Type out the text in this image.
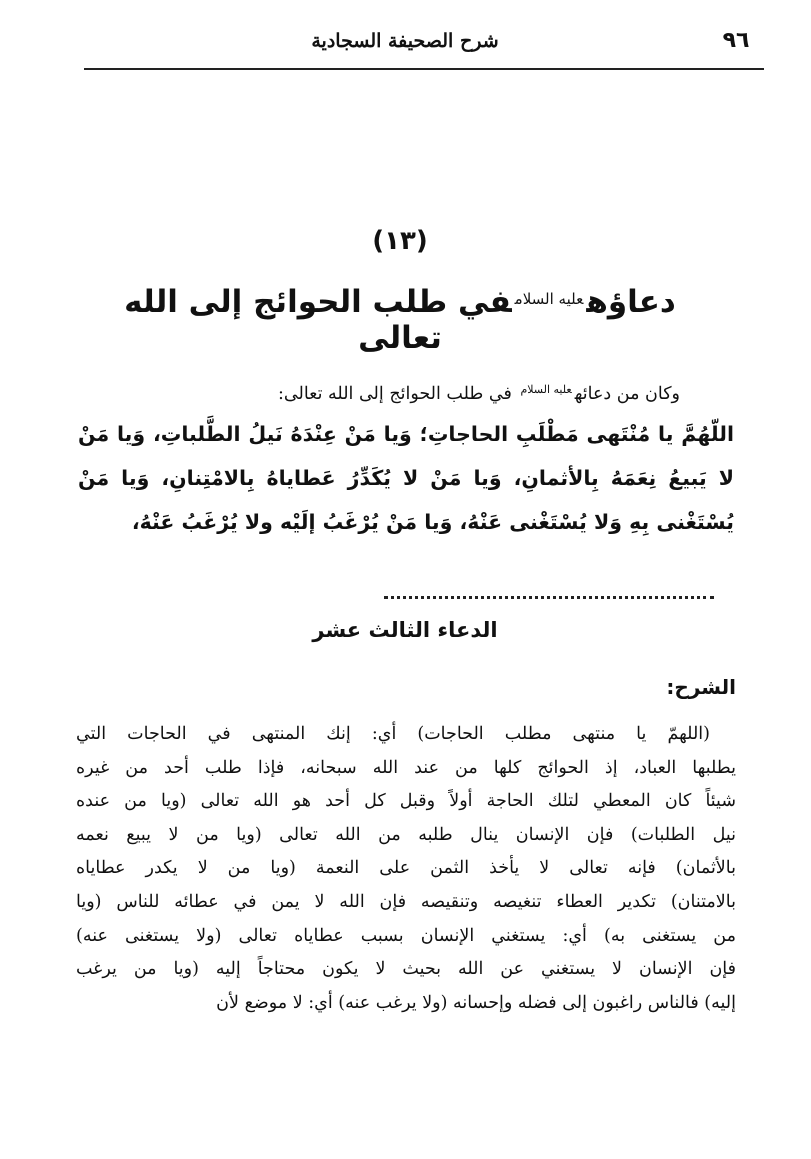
شرح الصحيفة السجادية	٩٦
(١٣)
دعاؤه$^{عليه السلام}$في طلب الحوائج إلى الله تعالى
وكان من دعائه$^{عليه السلام}$ في طلب الحوائج إلى الله تعالى:
اللّهُمَّ يا مُنْتَهى مَطْلَبِ الحاجاتِ؛ وَيا مَنْ عِنْدَهُ نَيلُ الطَّلباتِ، وَيا مَنْ لا يَبيعُ نِعَمَهُ بِالأثمانِ، وَيا مَنْ لا يُكَدِّرُ عَطاياهُ بِالامْتِنانِ، وَيا مَنْ يُسْتَغْنى بِهِ وَلا يُسْتَغْنى عَنْهُ، وَيا مَنْ يُرْغَبُ إلَيْه ولا يُرْغَبُ عَنْهُ،
الدعاء الثالث عشر
الشرح:
(اللهمّ يا منتهى مطلب الحاجات) أي: إنك المنتهى في الحاجات التي
يطلبها العباد، إذ الحوائج كلها من عند الله سبحانه، فإذا طلب أحد من غيره
شيئاً كان المعطي لتلك الحاجة أولاً وقبل كل أحد هو الله تعالى (ويا من عنده
نيل الطلبات) فإن الإنسان ينال طلبه من الله تعالى (ويا من لا يبيع نعمه
بالأثمان) فإنه تعالى لا يأخذ الثمن على النعمة (ويا من لا يكدر عطاياه
بالامتنان) تكدير العطاء تنغيصه وتنقيصه فإن الله لا يمن في عطائه للناس (ويا
من يستغنى به) أي: يستغني الإنسان بسبب عطاياه تعالى (ولا يستغنى عنه)
فإن الإنسان لا يستغني عن الله بحيث لا يكون محتاجاً إليه (ويا من يرغب
إليه) فالناس راغبون إلى فضله وإحسانه (ولا يرغب عنه) أي: لا موضع لأن
